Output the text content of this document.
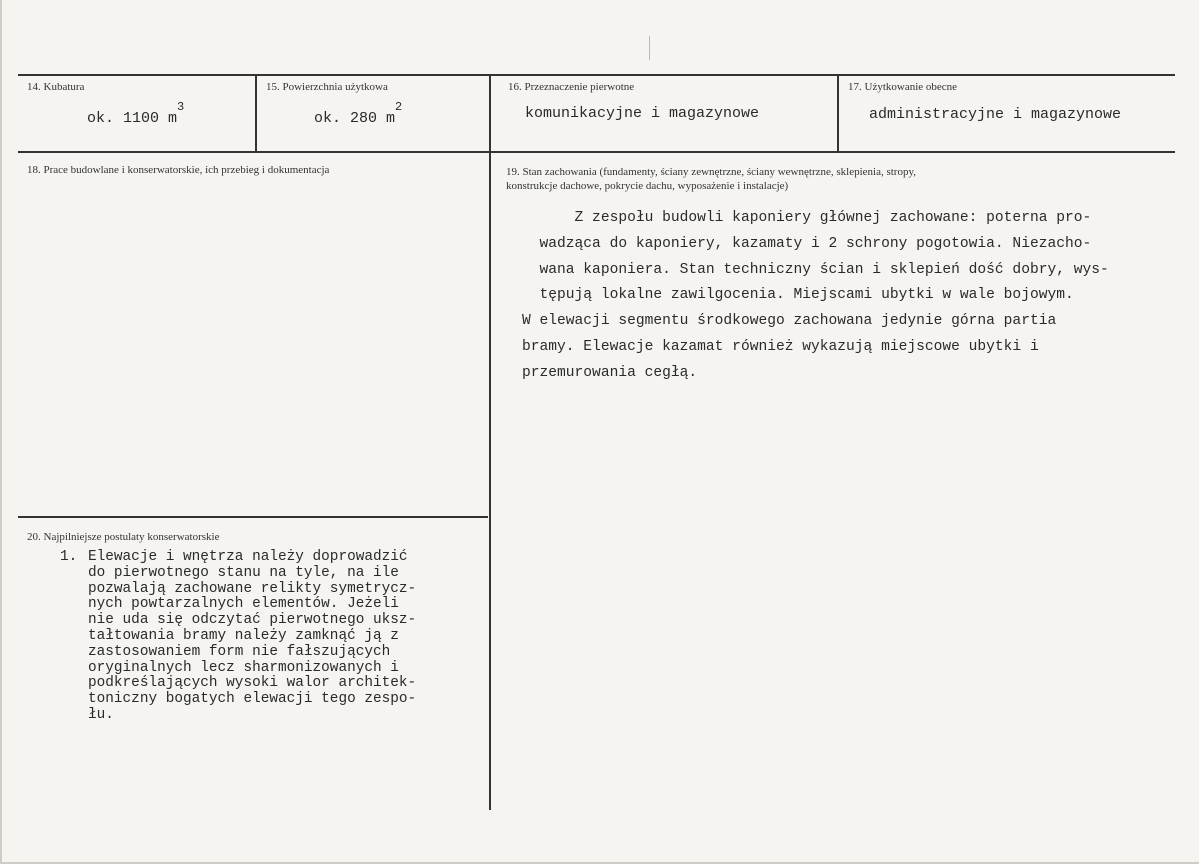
14. Kubatura
ok. 1100 $m^3$
15. Powierzchnia użytkowa
ok. 280 $m^2$
16. Przeznaczenie pierwotne
komunikacyjne i magazynowe
17. Użytkowanie obecne
administracyjne i magazynowe
18. Prace budowlane i konserwatorskie, ich przebieg i dokumentacja	19. Stan zachowania (fundamenty, ściany zewnętrzne, ściany wewnętrzne, sklepienia, stropy,
konstrukcje dachowe, pokrycie dachu, wyposażenie i instalacje)
Z zespołu budowli kaponiery głównej zachowane: poterna pro-
wadząca do kaponiery, kazamaty i 2 schrony pogotowia. Niezacho-
wana kaponiera. Stan techniczny ścian i sklepień dość dobry, wys-
tępują lokalne zawilgocenia. Miejscami ubytki w wale bojowym.
W elewacji segmentu środkowego zachowana jedynie górna partia
bramy. Elewacje kazamat również wykazują miejscowe ubytki i
przemurowania cegłą.
20. Najpilniejsze postulaty konserwatorskie
1. Elewacje i wnętrza należy doprowadzić
do pierwotnego stanu na tyle, na ile
pozwalają zachowane relikty symetrycz-
nych powtarzalnych elementów. Jeżeli
nie uda się odczytać pierwotnego uksz-
tałtowania bramy należy zamknąć ją z
zastosowaniem form nie fałszujących
oryginalnych lecz sharmonizowanych i
podkreślających wysoki walor architek-
toniczny bogatych elewacji tego zespo-
łu.
